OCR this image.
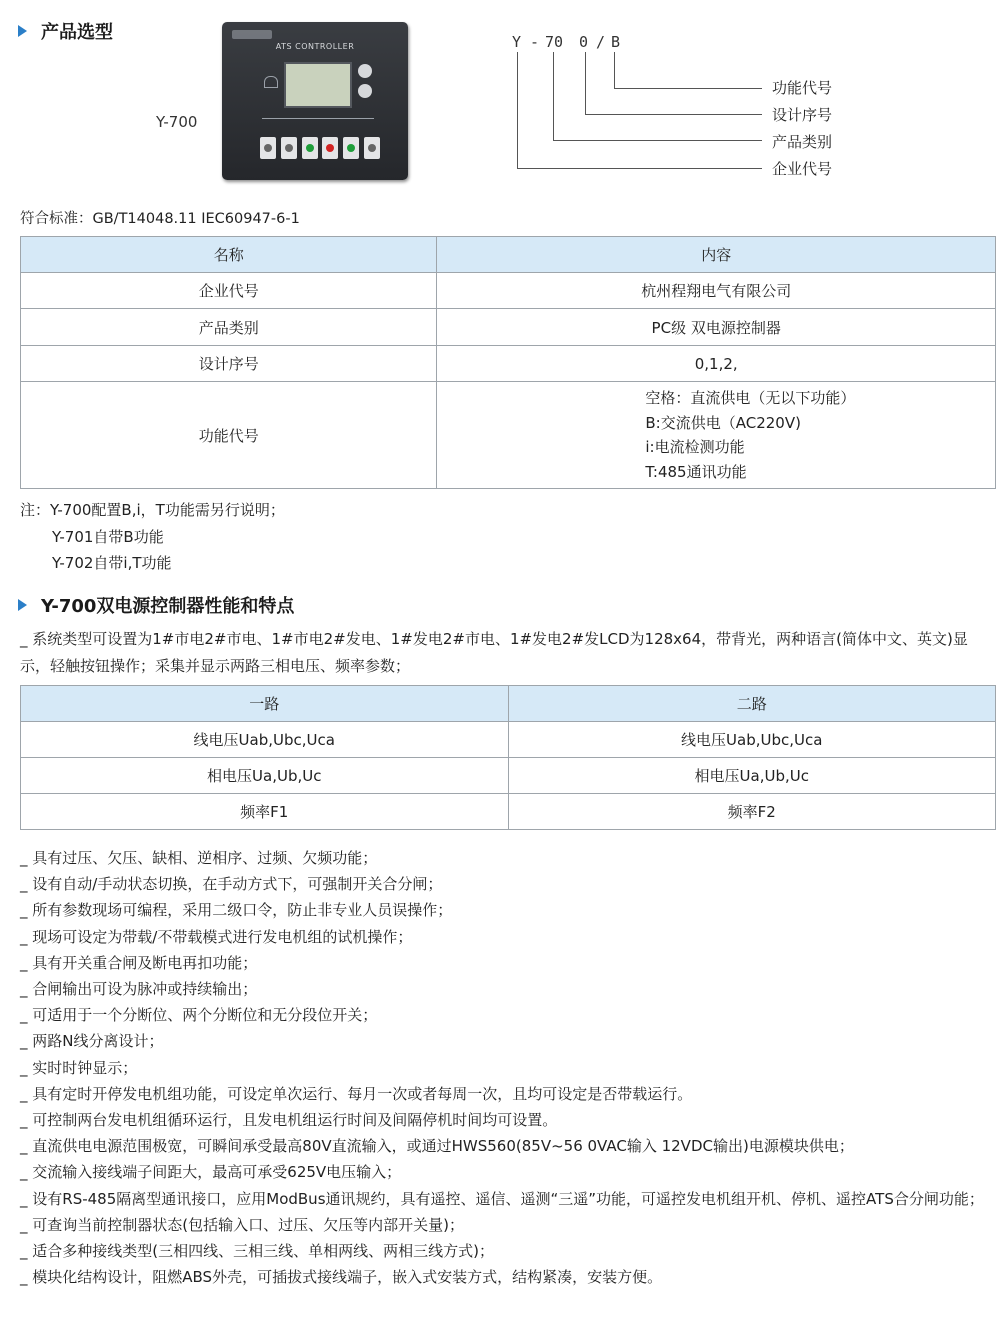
产品选型
Y-700
ATS CONTROLLER	Y - 70 0 / B
功能代号
设计序号
产品类别
企业代号
符合标准：GB/T14048.11 IEC60947-6-1
名称	内容
企业代号	杭州程翔电气有限公司
产品类别	PC级 双电源控制器
设计序号	0,1,2,
功能代号	空格：直流供电（无以下功能）
B:交流供电（AC220V)
i:电流检测功能
T:485通讯功能
注：Y-700配置B,i，T功能需另行说明；
Y-701自带B功能
Y-702自带i,T功能
Y-700双电源控制器性能和特点
_ 系统类型可设置为1#市电2#市电、1#市电2#发电、1#发电2#市电、1#发电2#发LCD为128x64，带背光，两种语言(简体中文、英文)显示，轻触按钮操作；采集并显示两路三相电压、频率参数；
一路	二路
线电压Uab,Ubc,Uca	线电压Uab,Ubc,Uca
相电压Ua,Ub,Uc	相电压Ua,Ub,Uc
频率F1	频率F2
_ 具有过压、欠压、缺相、逆相序、过频、欠频功能；
_ 设有自动/手动状态切换，在手动方式下，可强制开关合分闸；
_ 所有参数现场可编程，采用二级口令，防止非专业人员误操作；
_ 现场可设定为带载/不带载模式进行发电机组的试机操作；
_ 具有开关重合闸及断电再扣功能；
_ 合闸输出可设为脉冲或持续输出；
_ 可适用于一个分断位、两个分断位和无分段位开关；
_ 两路N线分离设计；
_ 实时时钟显示；
_ 具有定时开停发电机组功能，可设定单次运行、每月一次或者每周一次，且均可设定是否带载运行。
_ 可控制两台发电机组循环运行，且发电机组运行时间及间隔停机时间均可设置。
_ 直流供电电源范围极宽，可瞬间承受最高80V直流输入，或通过HWS560(85V~56 0VAC输入 12VDC输出)电源模块供电；
_ 交流输入接线端子间距大，最高可承受625V电压输入；
_ 设有RS-485隔离型通讯接口，应用ModBus通讯规约，具有遥控、遥信、遥测“三遥”功能，可遥控发电机组开机、停机、遥控ATS合分闸功能；
_ 可查询当前控制器状态(包括输入口、过压、欠压等内部开关量)；
_ 适合多种接线类型(三相四线、三相三线、单相两线、两相三线方式)；
_ 模块化结构设计，阻燃ABS外壳，可插拔式接线端子，嵌入式安装方式，结构紧凑，安装方便。
